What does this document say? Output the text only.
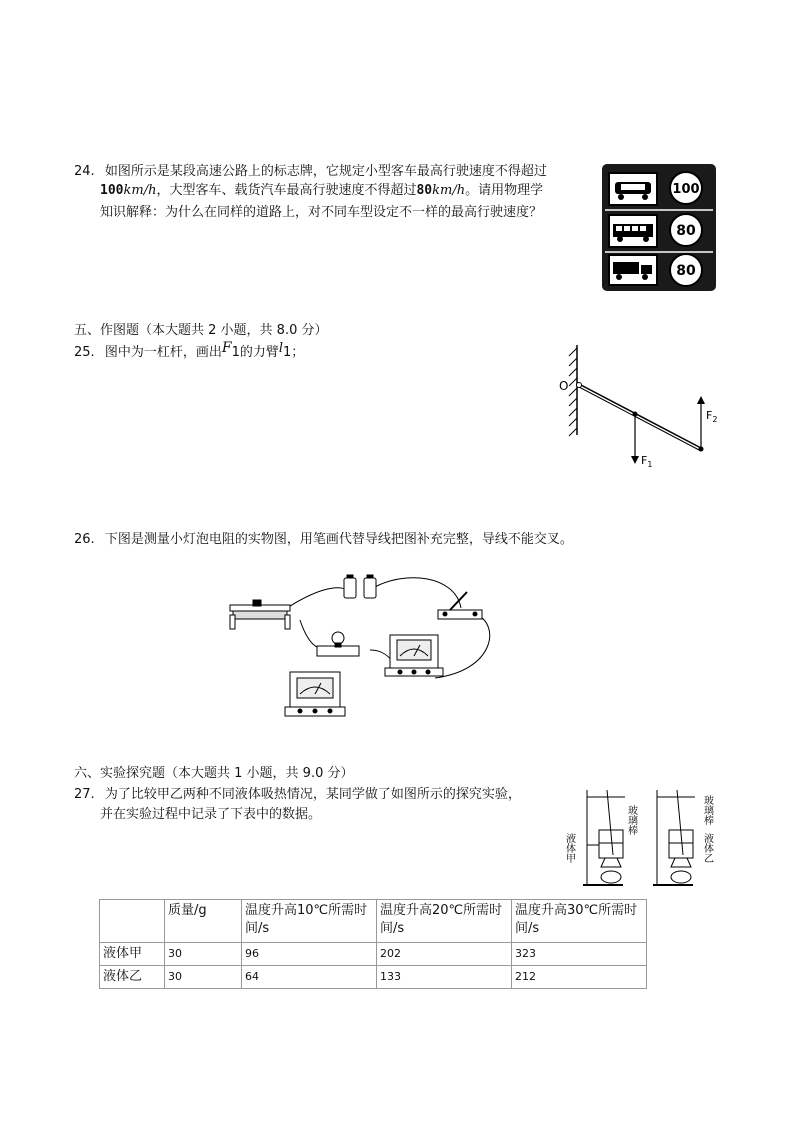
24. 如图所示是某段高速公路上的标志牌，它规定小型客车最高行驶速度不得超过
100km/h，大型客车、载货汽车最高行驶速度不得超过80km/h。请用物理学
知识解释：为什么在同样的道路上，对不同车型设定不一样的最高行驶速度？
100
80
80
五、作图题（本大题共 2 小题，共 8.0 分）
25. 图中为一杠杆，画出F1的力臂l1；
O
$F_1$
$F_2$
26. 下图是测量小灯泡电阻的实物图，用笔画代替导线把图补充完整，导线不能交叉。
六、实验探究题（本大题共 1 小题，共 9.0 分）
27. 为了比较甲乙两种不同液体吸热情况，某同学做了如图所示的探究实验，
并在实验过程中记录了下表中的数据。	玻璃棒
液体甲
玻璃棒
液体乙
	质量/g	温度升高10℃所需时间/s	温度升高20℃所需时间/s	温度升高30℃所需时间/s
液体甲	30	96	202	323
液体乙	30	64	133	212
